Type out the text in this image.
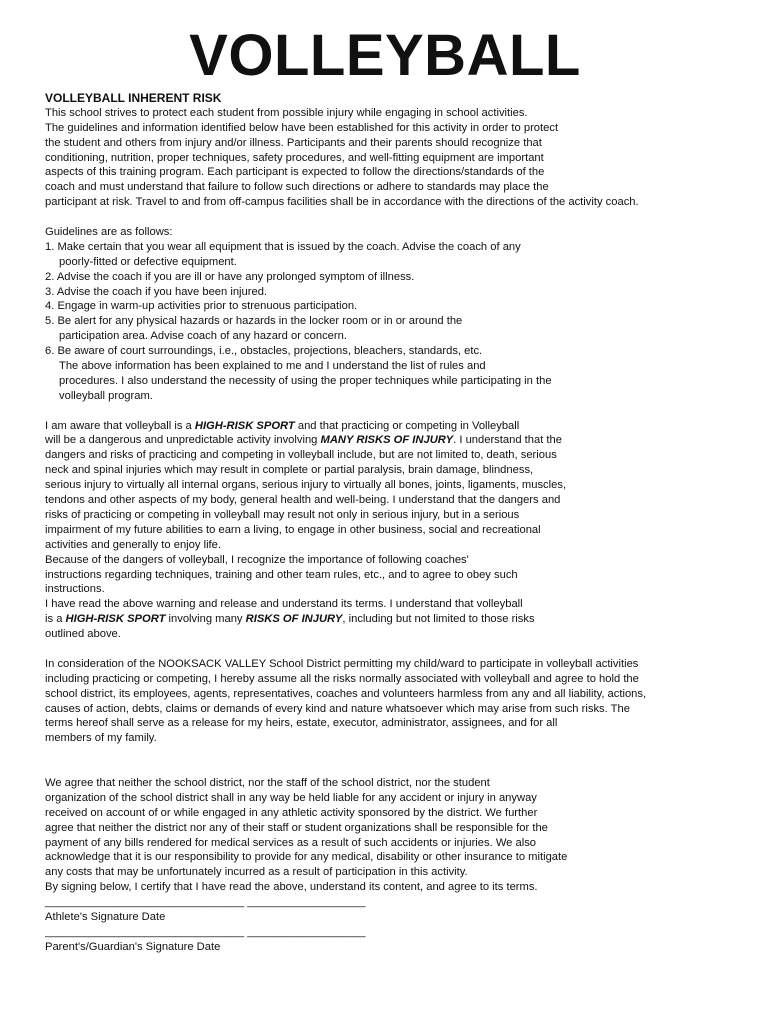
VOLLEYBALL
VOLLEYBALL INHERENT RISK
This school strives to protect each student from possible injury while engaging in school activities.
The guidelines and information identified below have been established for this activity in order to protect
the student and others from injury and/or illness. Participants and their parents should recognize that
conditioning, nutrition, proper techniques, safety procedures, and well-fitting equipment are important
aspects of this training program. Each participant is expected to follow the directions/standards of the
coach and must understand that failure to follow such directions or adhere to standards may place the
participant at risk. Travel to and from off-campus facilities shall be in accordance with the directions of the activity coach.
Guidelines are as follows:
1. Make certain that you wear all equipment that is issued by the coach. Advise the coach of any
poorly-fitted or defective equipment.
2. Advise the coach if you are ill or have any prolonged symptom of illness.
3. Advise the coach if you have been injured.
4. Engage in warm-up activities prior to strenuous participation.
5. Be alert for any physical hazards or hazards in the locker room or in or around the
participation area. Advise coach of any hazard or concern.
6. Be aware of court surroundings, i.e., obstacles, projections, bleachers, standards, etc.
The above information has been explained to me and I understand the list of rules and
procedures. I also understand the necessity of using the proper techniques while participating in the
volleyball program.
I am aware that volleyball is a HIGH-RISK SPORT and that practicing or competing in Volleyball
will be a dangerous and unpredictable activity involving MANY RISKS OF INJURY. I understand that the
dangers and risks of practicing and competing in volleyball include, but are not limited to, death, serious
neck and spinal injuries which may result in complete or partial paralysis, brain damage, blindness,
serious injury to virtually all internal organs, serious injury to virtually all bones, joints, ligaments, muscles,
tendons and other aspects of my body, general health and well-being. I understand that the dangers and
risks of practicing or competing in volleyball may result not only in serious injury, but in a serious
impairment of my future abilities to earn a living, to engage in other business, social and recreational
activities and generally to enjoy life.
Because of the dangers of volleyball, I recognize the importance of following coaches'
instructions regarding techniques, training and other team rules, etc., and to agree to obey such
instructions.
I have read the above warning and release and understand its terms. I understand that volleyball
is a HIGH-RISK SPORT involving many RISKS OF INJURY, including but not limited to those risks
outlined above.
In consideration of the NOOKSACK VALLEY School District permitting my child/ward to participate in volleyball activities
including practicing or competing, I hereby assume all the risks normally associated with volleyball and agree to hold the
school district, its employees, agents, representatives, coaches and volunteers harmless from any and all liability, actions,
causes of action, debts, claims or demands of every kind and nature whatsoever which may arise from such risks. The
terms hereof shall serve as a release for my heirs, estate, executor, administrator, assignees, and for all
members of my family.
We agree that neither the school district, nor the staff of the school district, nor the student
organization of the school district shall in any way be held liable for any accident or injury in anyway
received on account of or while engaged in any athletic activity sponsored by the district. We further
agree that neither the district nor any of their staff or student organizations shall be responsible for the
payment of any bills rendered for medical services as a result of such accidents or injuries. We also
acknowledge that it is our responsibility to provide for any medical, disability or other insurance to mitigate
any costs that may be unfortunately incurred as a result of participation in this activity.
By signing below, I certify that I have read the above, understand its content, and agree to its terms.
________________________________ ___________________
Athlete's Signature Date
________________________________ ___________________
Parent's/Guardian's Signature Date
